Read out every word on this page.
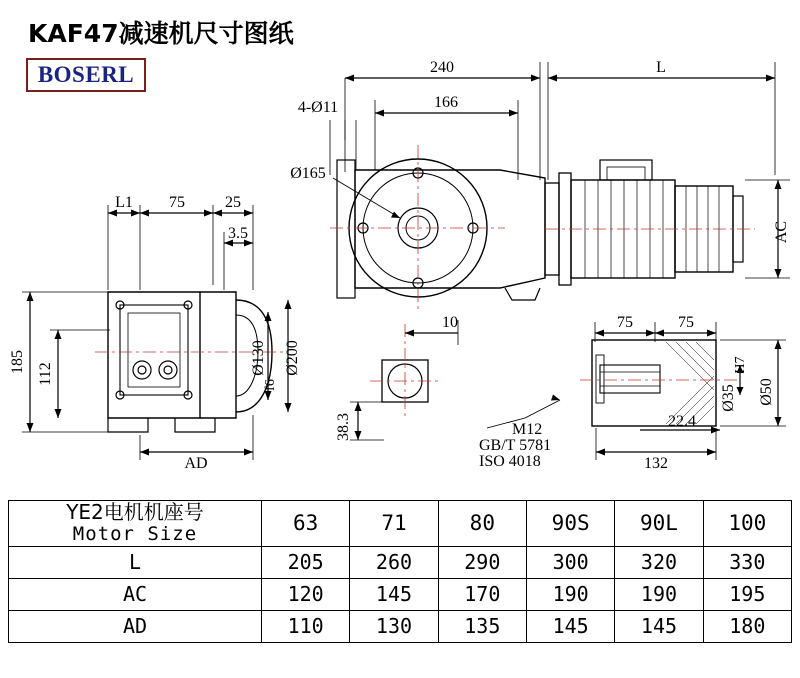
KAF47减速机尺寸图纸
BOSERL	240	L
166
4-Ø11
Ø165
AC
L1 75	25
3.5
185 112	Ø130
f6
Ø200
AD
10
38.3	M12
GB/T 5781
ISO 4018
75	75
22.4
132
Ø35
H7
Ø50
YE2电机机座号
Motor Size	63	71	80	90S	90L	100

L	205	260	290	300	320	330
AC	120	145	170	190	190	195
AD	110	130	135	145	145	180
